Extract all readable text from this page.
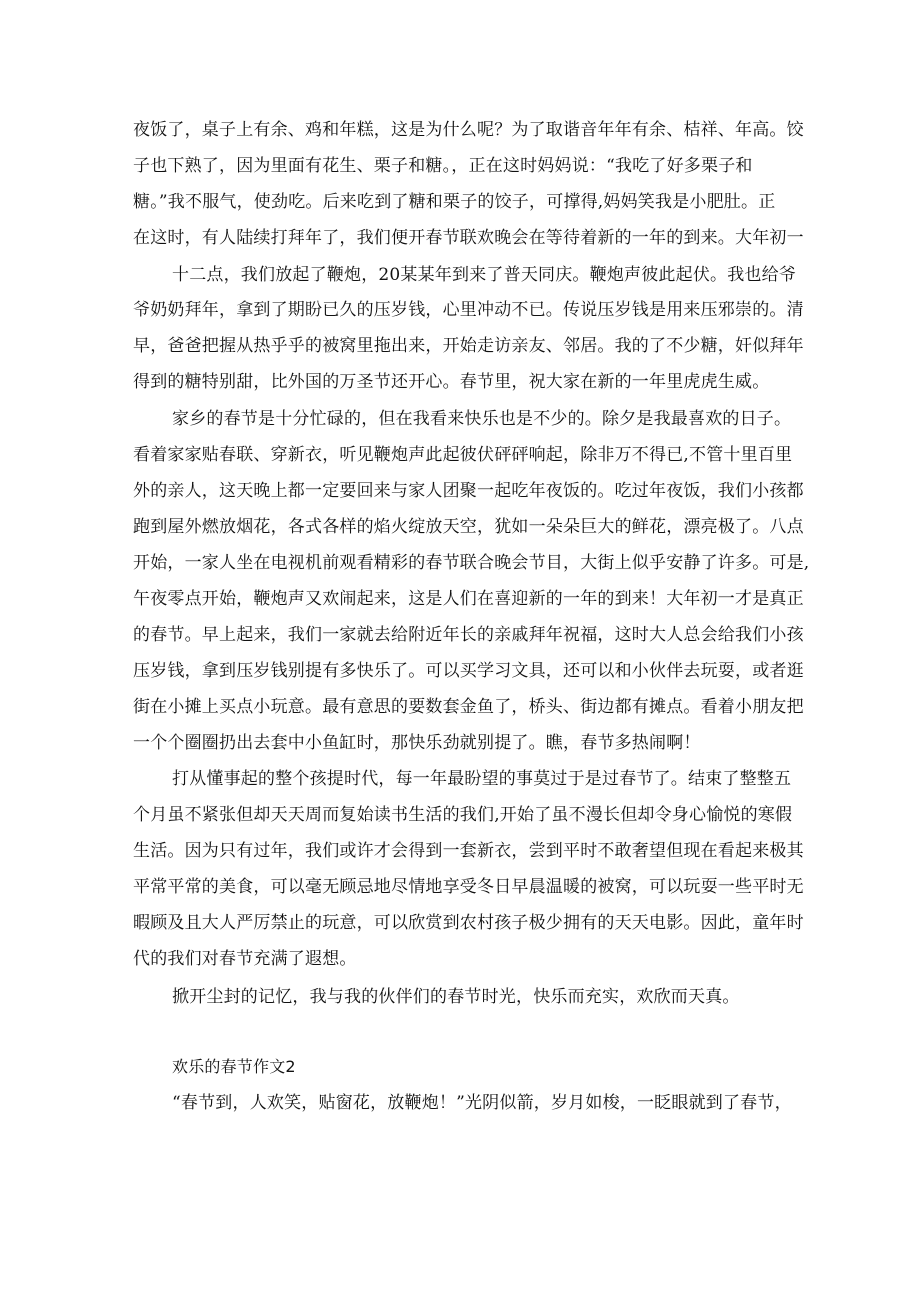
夜饭了，桌子上有余、鸡和年糕，这是为什么呢？为了取谐音年年有余、桔祥、年高。饺
子也下熟了，因为里面有花生、栗子和糖。，正在这时妈妈说：“我吃了好多栗子和
糖。”我不服气，使劲吃。后来吃到了糖和栗子的饺子，可撑得,妈妈笑我是小肥肚。正
在这时，有人陆续打拜年了，我们便开春节联欢晚会在等待着新的一年的到来。大年初一
十二点，我们放起了鞭炮，20某某年到来了普天同庆。鞭炮声彼此起伏。我也给爷
爷奶奶拜年，拿到了期盼已久的压岁钱，心里冲动不已。传说压岁钱是用来压邪崇的。清
早，爸爸把握从热乎乎的被窝里拖出来，开始走访亲友、邻居。我的了不少糖，奸似拜年
得到的糖特别甜，比外国的万圣节还开心。春节里，祝大家在新的一年里虎虎生威。
家乡的春节是十分忙碌的，但在我看来快乐也是不少的。除夕是我最喜欢的日子。
看着家家贴春联、穿新衣，听见鞭炮声此起彼伏砰砰响起，除非万不得已,不管十里百里
外的亲人，这天晚上都一定要回来与家人团聚一起吃年夜饭的。吃过年夜饭，我们小孩都
跑到屋外燃放烟花，各式各样的焰火绽放天空，犹如一朵朵巨大的鲜花，漂亮极了。八点
开始，一家人坐在电视机前观看精彩的春节联合晚会节目，大街上似乎安静了许多。可是,
午夜零点开始，鞭炮声又欢闹起来，这是人们在喜迎新的一年的到来！大年初一才是真正
的春节。早上起来，我们一家就去给附近年长的亲戚拜年祝福，这时大人总会给我们小孩
压岁钱，拿到压岁钱别提有多快乐了。可以买学习文具，还可以和小伙伴去玩耍，或者逛
街在小摊上买点小玩意。最有意思的要数套金鱼了，桥头、街边都有摊点。看着小朋友把
一个个圈圈扔出去套中小鱼缸时，那快乐劲就别提了。瞧，春节多热闹啊！
打从懂事起的整个孩提时代，每一年最盼望的事莫过于是过春节了。结束了整整五
个月虽不紧张但却天天周而复始读书生活的我们,开始了虽不漫长但却令身心愉悦的寒假
生活。因为只有过年，我们或许才会得到一套新衣，尝到平时不敢奢望但现在看起来极其
平常平常的美食，可以毫无顾忌地尽情地享受冬日早晨温暖的被窝，可以玩耍一些平时无
暇顾及且大人严厉禁止的玩意，可以欣赏到农村孩子极少拥有的天天电影。因此，童年时
代的我们对春节充满了遐想。
掀开尘封的记忆，我与我的伙伴们的春节时光，快乐而充实，欢欣而天真。
欢乐的春节作文2
“春节到，人欢笑，贴窗花，放鞭炮！”光阴似箭，岁月如梭，一眨眼就到了春节，
